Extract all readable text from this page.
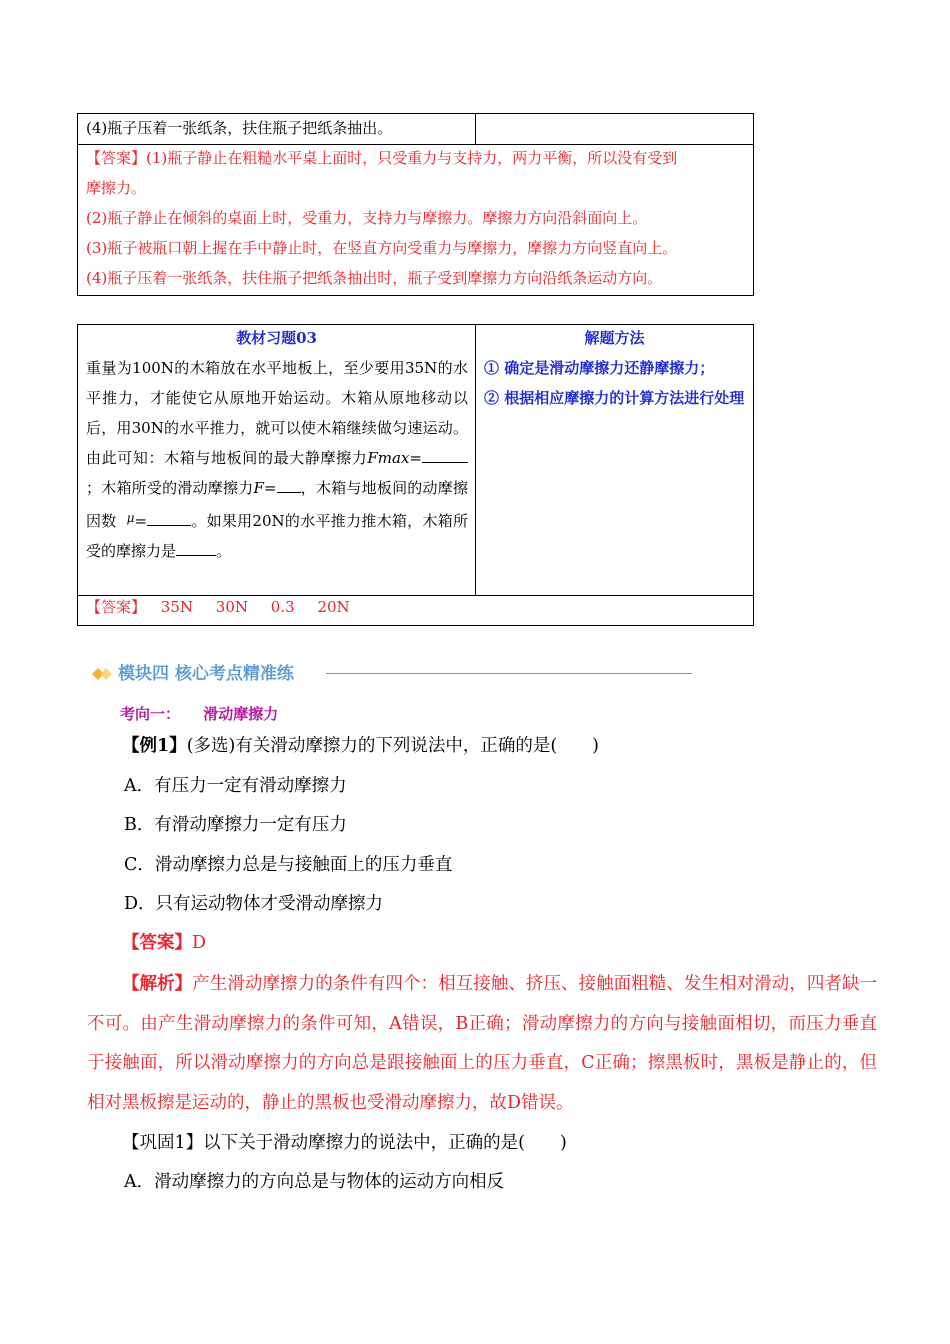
(4)瓶子压着一张纸条，扶住瓶子把纸条抽出。
【答案】(1)瓶子静止在粗糙水平桌上面时，只受重力与支持力，两力平衡，所以没有受到
摩擦力。
(2)瓶子静止在倾斜的桌面上时，受重力，支持力与摩擦力。摩擦力方向沿斜面向上。
(3)瓶子被瓶口朝上握在手中静止时，在竖直方向受重力与摩擦力，摩擦力方向竖直向上。
(4)瓶子压着一张纸条，扶住瓶子把纸条抽出时，瓶子受到摩擦力方向沿纸条运动方向。
教材习题03	解题方法
重量为100N的木箱放在水平地板上，至少要用35N的水平推力，才能使它从原地开始运动。木箱从原地移动以后，用30N的水平推力，就可以使木箱继续做匀速运动。由此可知：木箱与地板间的最大静摩擦力Fmax=；木箱所受的滑动摩擦力F= ，木箱与地板间的动摩擦因数 $^\mu$=	。如果用20N的水平推力推木箱，木箱所受的摩擦力是	。
① 确定是滑动摩擦力还静摩擦力；
② 根据相应摩擦力的计算方法进行处理
【答案】 35N 30N 0.3 20N
模块四 核心考点精准练
考向一： 滑动摩擦力
【例1】(多选)有关滑动摩擦力的下列说法中，正确的是(　　)
A．有压力一定有滑动摩擦力
B．有滑动摩擦力一定有压力
C．滑动摩擦力总是与接触面上的压力垂直
D．只有运动物体才受滑动摩擦力
【答案】D
【解析】产生滑动摩擦力的条件有四个：相互接触、挤压、接触面粗糙、发生相对滑动，四者缺一不可。由产生滑动摩擦力的条件可知，A错误，B正确；滑动摩擦力的方向与接触面相切，而压力垂直于接触面，所以滑动摩擦力的方向总是跟接触面上的压力垂直，C正确；擦黑板时，黑板是静止的，但相对黑板擦是运动的，静止的黑板也受滑动摩擦力，故D错误。
【巩固1】以下关于滑动摩擦力的说法中，正确的是(　　)
A．滑动摩擦力的方向总是与物体的运动方向相反
